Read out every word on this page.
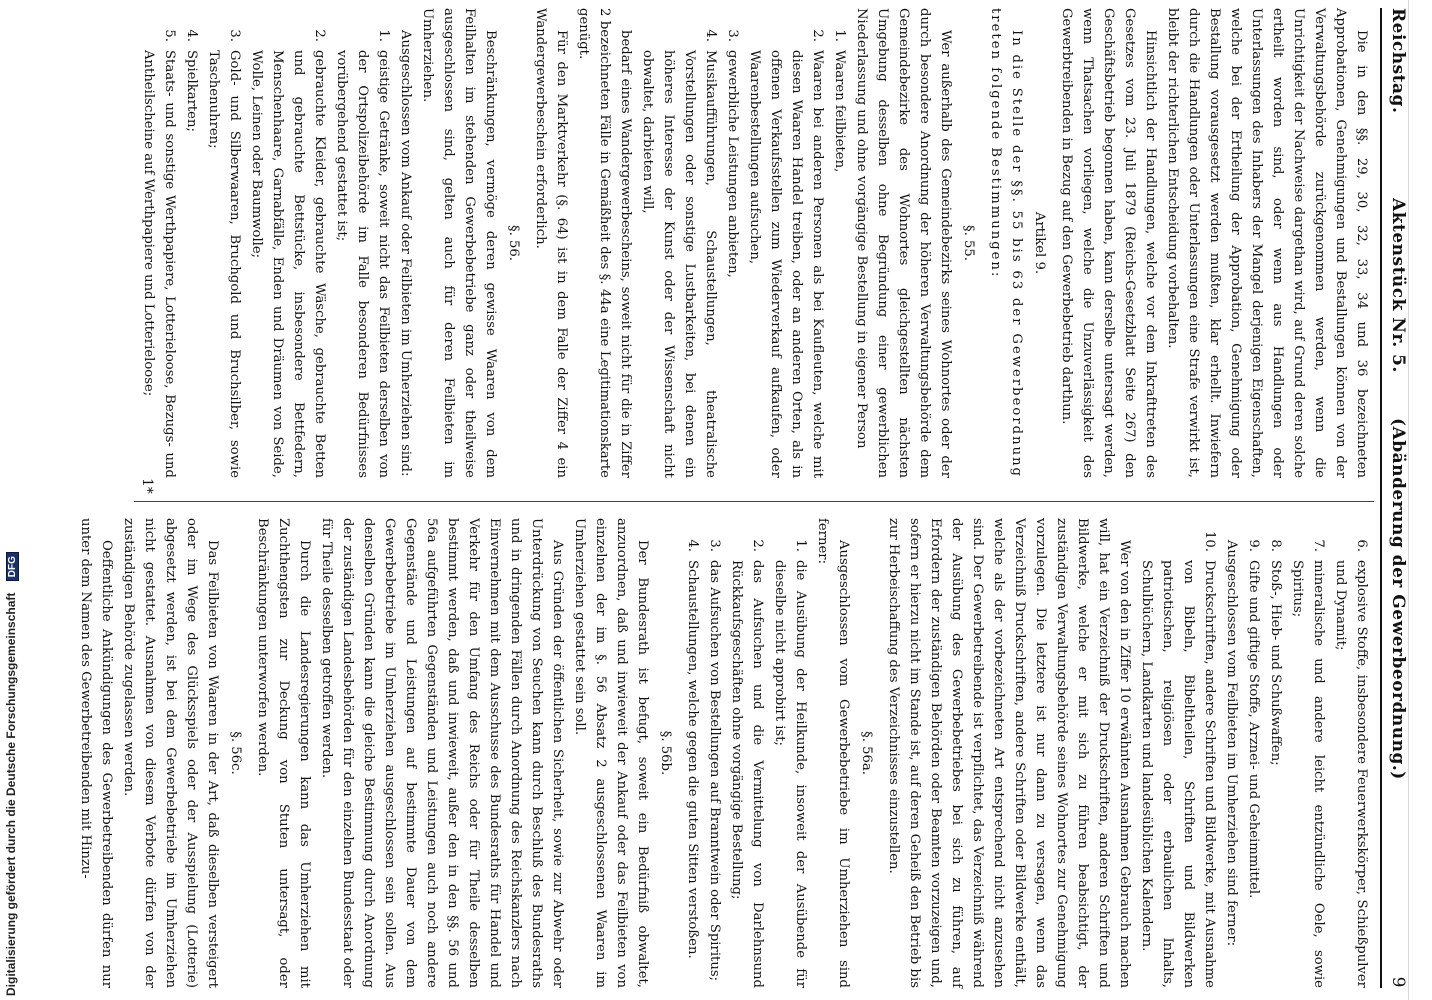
Reichstag.
Aktenstück Nr. 5.
(Abänderung der Gewerbeordnung.)
9

Die in den §§. 29, 30, 32, 33, 34 und 36 bezeichneten Approbationen, Genehmigungen und Bestallungen können von der Verwaltungsbehörde zurückgenommen werden, wenn die Unrichtigkeit der Nachweise dargethan wird, auf Grund deren solche ertheilt worden sind, oder wenn aus Handlungen oder Unterlassungen des Inhabers der Mangel derjenigen Eigenschaften, welche bei der Ertheilung der Approbation, Genehmigung oder Bestallung vorausgesetzt werden mußten, klar erhellt. Inwiefern durch die Handlungen oder Unterlassungen eine Strafe verwirkt ist, bleibt der richterlichen Entscheidung vorbehalten.

Hinsichtlich der Handlungen, welche vor dem Inkrafttreten des Gesetzes vom 23. Juli 1879 (Reichs-Gesetzblatt Seite 267) den Geschäftsbetrieb begonnen haben, kann derselbe untersagt werden, wenn Thatsachen vorliegen, welche die Unzuverlässigkeit des Gewerbtreibenden in Bezug auf den Gewerbebetrieb darthun.

Artikel 9.

In die Stelle der §§. 55 bis 63 der Gewerbeordnung treten folgende Bestimmungen:

§. 55.

Wer außerhalb des Gemeindebezirks seines Wohnortes oder der durch besondere Anordnung der höheren Verwaltungsbehörde dem Gemeindebezirke des Wohnortes gleichgestellten nächsten Umgebung desselben ohne Begründung einer gewerblichen Niederlassung und ohne vorgängige Bestellung in eigener Person

1.Waaren feilbieten,

2.Waaren bei anderen Personen als bei Kaufleuten, welche mit diesen Waaren Handel treiben, oder an anderen Orten, als in offenen Verkaufsstellen zum Wiederverkauf aufkaufen, oder Waarenbestellungen aufsuchen,

3.gewerbliche Leistungen anbieten,

4.Musikaufführungen, Schaustellungen, theatralische Vorstellungen oder sonstige Lustbarkeiten, bei denen ein höheres Interesse der Kunst oder der Wissenschaft nicht obwaltet, darbieten will,

bedarf eines Wandergewerbescheins, soweit nicht für die in Ziffer 2 bezeichneten Fälle in Gemäßheit des §. 44a eine Legitimationskarte genügt.

Für den Marktverkehr (§. 64) ist in dem Falle der Ziffer 4 ein Wandergewerbeschein erforderlich.

§. 56.

Beschränkungen, vermöge deren gewisse Waaren von dem Feilhalten im stehenden Gewerbebetriebe ganz oder theilweise ausgeschlossen sind, gelten auch für deren Feilbieten im Umherziehen.

Ausgeschlossen vom Ankauf oder Feilbieten im Umherziehen sind:

1.geistige Getränke, soweit nicht das Feilbieten derselben von der Ortspolizeibehörde im Falle besonderen Bedürfnisses vorübergehend gestattet ist;

2.gebrauchte Kleider, gebrauchte Wäsche, gebrauchte Betten und gebrauchte Bettstücke, insbesondere Bettfedern, Menschenhaare, Garnabfälle, Enden und Dräumen von Seide, Wolle, Leinen oder Baumwolle;

3.Gold- und Silberwaaren, Bruchgold und Bruchsilber, sowie Taschenuhren;

4.Spielkarten;

5.Staats- und sonstige Werthpapiere, Lotterieloose, Bezugs- und Antheilscheine auf Werthpapiere und Lotterieloose;

6.explosive Stoffe, insbesondere Feuerwerkskörper, Schießpulver und Dynamit;

7.mineralische und andere leicht entzündliche Oele, sowie Spiritus;

8.Stoß-, Hieb- und Schußwaffen;

9.Gifte und giftige Stoffe, Arznei- und Geheimmittel.

Ausgeschlossen vom Feilbieten im Umherziehen sind ferner:

10.Druckschriften, andere Schriften und Bildwerke, mit Ausnahme von Bibeln, Bibeltheilen, Schriften und Bildwerken patriotischen, religiösen oder erbaulichen Inhalts, Schulbüchern, Landkarten und landesüblichen Kalendern.

Wer von den in Ziffer 10 erwähnten Ausnahmen Gebrauch machen will, hat ein Verzeichniß der Druckschriften, anderen Schriften und Bildwerke, welche er mit sich zu führen beabsichtigt, der zuständigen Verwaltungsbehörde seines Wohnortes zur Genehmigung vorzulegen. Die letztere ist nur dann zu versagen, wenn das Verzeichniß Druckschriften, andere Schriften oder Bildwerke enthält, welche als der vorbezeichneten Art entsprechend nicht anzusehen sind. Der Gewerbetreibende ist verpflichtet, das Verzeichniß während der Ausübung des Gewerbebetriebes bei sich zu führen, auf Erfordern der zuständigen Behörden oder Beamten vorzuzeigen und, sofern er hierzu nicht im Stande ist, auf deren Geheiß den Betrieb bis zur Herbeischaffung des Verzeichnisses einzustellen.

§. 56a.

Ausgeschlossen vom Gewerbebetriebe im Umherziehen sind ferner:

1.die Ausübung der Heilkunde, insoweit der Ausübende für dieselbe nicht approbirt ist;

2.das Aufsuchen und die Vermittelung von Darlehnsund Rückkaufsgeschäften ohne vorgängige Bestellung;

3.das Aufsuchen von Bestellungen auf Branntwein oder Spiritus;

4.Schaustellungen, welche gegen die guten Sitten verstoßen.

§. 56b.

Der Bundesrath ist befugt, soweit ein Bedürfniß obwaltet, anzuordnen, daß und inwieweit der Ankauf oder das Feilbieten von einzelnen der im §. 56 Absatz 2 ausgeschlossenen Waaren im Umherziehen gestattet sein soll.

Aus Gründen der öffentlichen Sicherheit, sowie zur Abwehr oder Unterdrückung von Seuchen kann durch Beschluß des Bundesraths und in dringenden Fällen durch Anordnung des Reichskanzlers nach Einvernehmen mit dem Ausschusse des Bundesraths für Handel und Verkehr für den Umfang des Reichs oder für Theile desselben bestimmt werden, daß und inwieweit, außer den in den §§. 56 und 56a aufgeführten Gegenständen und Leistungen auch noch andere Gegenstände und Leistungen auf bestimmte Dauer von dem Gewerbebetriebe im Umherziehen ausgeschlossen sein sollen. Aus denselben Gründen kann die gleiche Bestimmung durch Anordnung der zuständigen Landesbehörden für den einzelnen Bundesstaat oder für Theile desselben getroffen werden.

Durch die Landesregierungen kann das Umherziehen mit Zuchthengsten zur Deckung von Stuten untersagt, oder Beschränkungen unterworfen werden.

§. 56c.

Das Feilbieten von Waaren in der Art, daß dieselben versteigert oder im Wege des Glücksspiels oder der Ausspielung (Lotterie) abgesetzt werden, ist bei dem Gewerbebetriebe im Umherziehen nicht gestattet. Ausnahmen von diesem Verbote dürfen von der zuständigen Behörde zugelassen werden.

Oeffentliche Ankündigungen des Gewerbetreibenden dürfen nur unter dem Namen des Gewerbetreibenden mit Hinzu-

1*
Digitalisierung gefördert durch die Deutsche Forschungsgemeinschaft DFG
